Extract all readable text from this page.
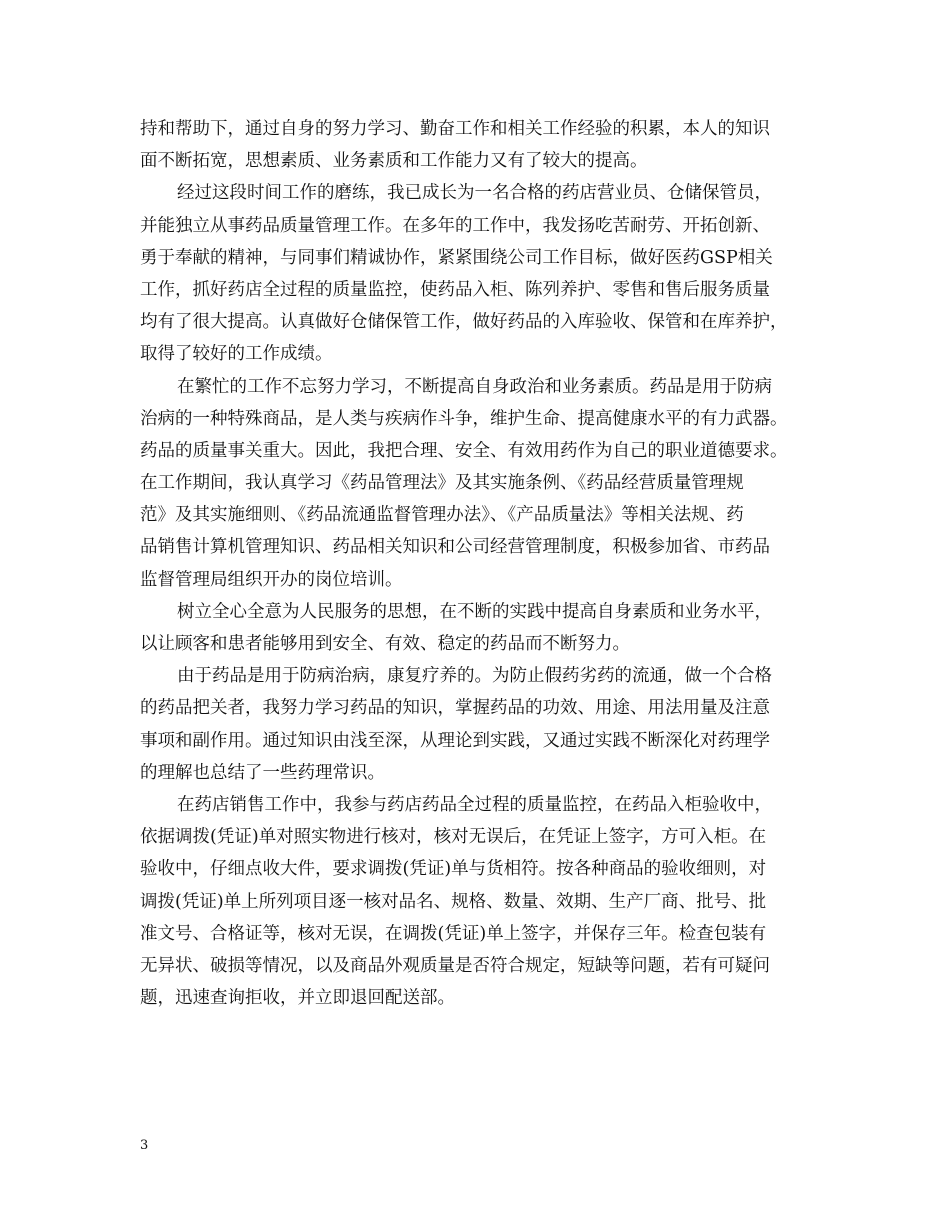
持和帮助下，通过自身的努力学习、勤奋工作和相关工作经验的积累，本人的知识
面不断拓宽，思想素质、业务素质和工作能力又有了较大的提高。
经过这段时间工作的磨练，我已成长为一名合格的药店营业员、仓储保管员，
并能独立从事药品质量管理工作。在多年的工作中，我发扬吃苦耐劳、开拓创新、
勇于奉献的精神，与同事们精诚协作，紧紧围绕公司工作目标，做好医药GSP相关
工作，抓好药店全过程的质量监控，使药品入柜、陈列养护、零售和售后服务质量
均有了很大提高。认真做好仓储保管工作，做好药品的入库验收、保管和在库养护，
取得了较好的工作成绩。
在繁忙的工作不忘努力学习，不断提高自身政治和业务素质。药品是用于防病
治病的一种特殊商品，是人类与疾病作斗争，维护生命、提高健康水平的有力武器。
药品的质量事关重大。因此，我把合理、安全、有效用药作为自己的职业道德要求。
在工作期间，我认真学习《药品管理法》及其实施条例、《药品经营质量管理规
范》及其实施细则、《药品流通监督管理办法》、《产品质量法》等相关法规、药
品销售计算机管理知识、药品相关知识和公司经营管理制度，积极参加省、市药品
监督管理局组织开办的岗位培训。
树立全心全意为人民服务的思想，在不断的实践中提高自身素质和业务水平，
以让顾客和患者能够用到安全、有效、稳定的药品而不断努力。
由于药品是用于防病治病，康复疗养的。为防止假药劣药的流通，做一个合格
的药品把关者，我努力学习药品的知识，掌握药品的功效、用途、用法用量及注意
事项和副作用。通过知识由浅至深，从理论到实践，又通过实践不断深化对药理学
的理解也总结了一些药理常识。
在药店销售工作中，我参与药店药品全过程的质量监控，在药品入柜验收中，
依据调拨(凭证)单对照实物进行核对，核对无误后，在凭证上签字，方可入柜。在
验收中，仔细点收大件，要求调拨(凭证)单与货相符。按各种商品的验收细则，对
调拨(凭证)单上所列项目逐一核对品名、规格、数量、效期、生产厂商、批号、批
准文号、合格证等，核对无误，在调拨(凭证)单上签字，并保存三年。检查包装有
无异状、破损等情况，以及商品外观质量是否符合规定，短缺等问题，若有可疑问
题，迅速查询拒收，并立即退回配送部。
3
